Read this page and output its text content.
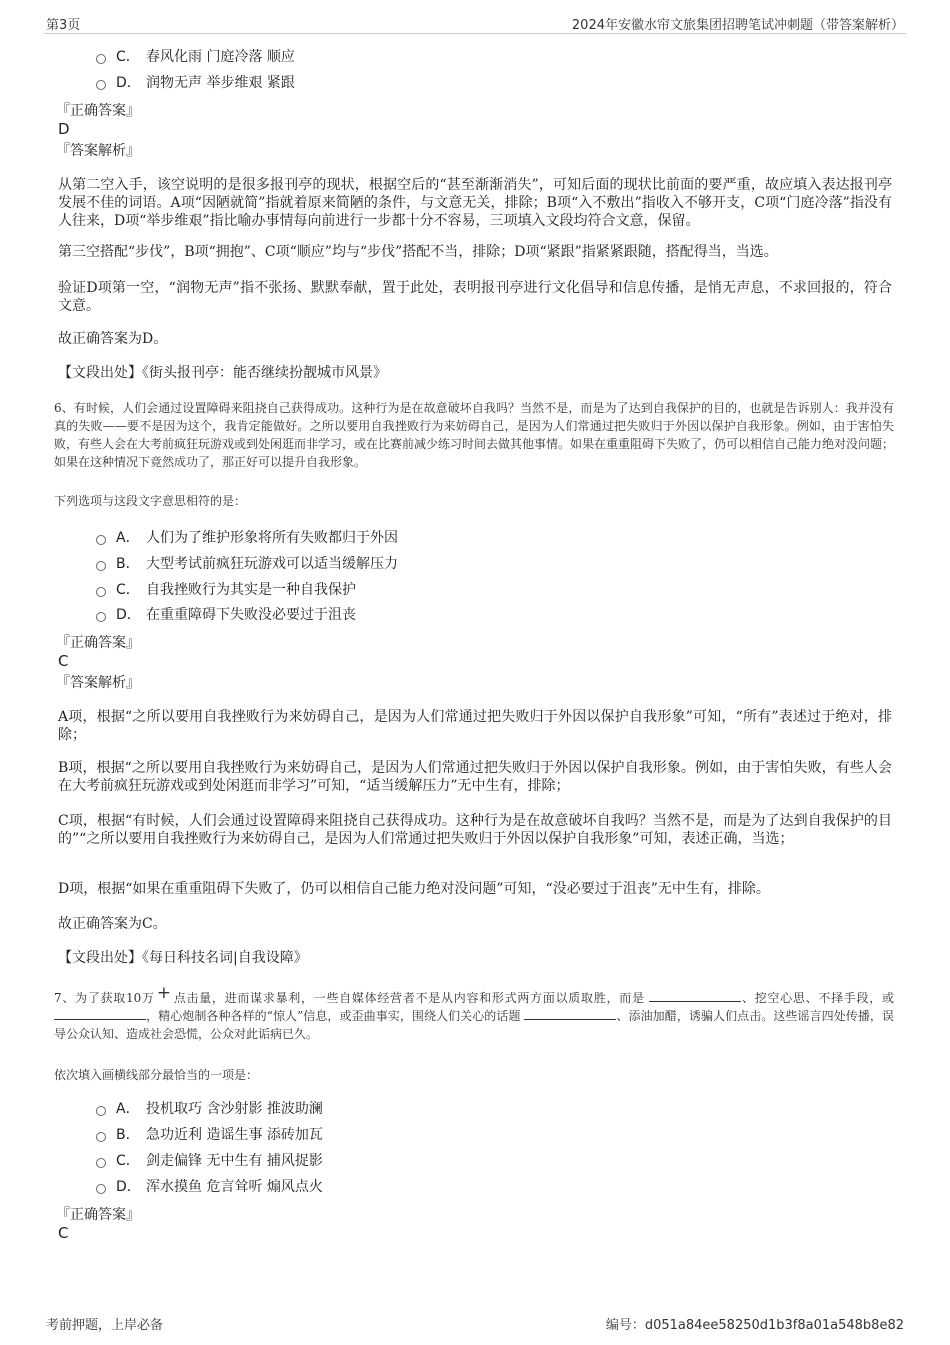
第3页	2024年安徽水帘文旅集团招聘笔试冲刺题（带答案解析）
C． 春风化雨 门庭冷落 顺应
D． 润物无声 举步维艰 紧跟
『正确答案』
D
『答案解析』
从第二空入手，该空说明的是很多报刊亭的现状，根据空后的“甚至渐渐消失”，可知后面的现状比前面的要严重，故应填入表达报刊亭发展不佳的词语。A项“因陋就简”指就着原来简陋的条件，与文意无关，排除；B项“入不敷出”指收入不够开支，C项“门庭冷落”指没有人往来，D项“举步维艰”指比喻办事情每向前进行一步都十分不容易，三项填入文段均符合文意，保留。
第三空搭配“步伐”，B项“拥抱”、C项“顺应”均与“步伐”搭配不当，排除；D项“紧跟”指紧紧跟随，搭配得当，当选。
验证D项第一空，“润物无声”指不张扬、默默奉献，置于此处，表明报刊亭进行文化倡导和信息传播，是悄无声息，不求回报的，符合文意。
故正确答案为D。
【文段出处】《街头报刊亭：能否继续扮靓城市风景》
6、有时候，人们会通过设置障碍来阻挠自己获得成功。这种行为是在故意破坏自我吗？当然不是，而是为了达到自我保护的目的，也就是告诉别人：我并没有真的失败——要不是因为这个，我肯定能做好。之所以要用自我挫败行为来妨碍自己，是因为人们常通过把失败归于外因以保护自我形象。例如，由于害怕失败，有些人会在大考前疯狂玩游戏或到处闲逛而非学习，或在比赛前减少练习时间去做其他事情。如果在重重阻碍下失败了，仍可以相信自己能力绝对没问题；如果在这种情况下竟然成功了，那正好可以提升自我形象。
下列选项与这段文字意思相符的是：
A． 人们为了维护形象将所有失败都归于外因
B． 大型考试前疯狂玩游戏可以适当缓解压力
C． 自我挫败行为其实是一种自我保护
D． 在重重障碍下失败没必要过于沮丧
『正确答案』
C
『答案解析』
A项，根据“之所以要用自我挫败行为来妨碍自己，是因为人们常通过把失败归于外因以保护自我形象”可知，“所有”表述过于绝对，排除；
B项，根据“之所以要用自我挫败行为来妨碍自己，是因为人们常通过把失败归于外因以保护自我形象。例如，由于害怕失败，有些人会在大考前疯狂玩游戏或到处闲逛而非学习”可知，“适当缓解压力”无中生有，排除；
C项，根据“有时候，人们会通过设置障碍来阻挠自己获得成功。这种行为是在故意破坏自我吗？当然不是，而是为了达到自我保护的目的”“之所以要用自我挫败行为来妨碍自己，是因为人们常通过把失败归于外因以保护自我形象”可知，表述正确，当选；
D项，根据“如果在重重阻碍下失败了，仍可以相信自己能力绝对没问题”可知，“没必要过于沮丧”无中生有，排除。
故正确答案为C。
【文段出处】《每日科技名词|自我设障》
7、为了获取10万 + 点击量，进而谋求暴利，一些自媒体经营者不是从内容和形式两方面以质取胜，而是	、挖空心思、不择手段，或 ，精心炮制各种各样的“惊人”信息，或歪曲事实，围绕人们关心的话题	、添油加醋，诱骗人们点击。这些谣言四处传播，误导公众认知、造成社会恐慌，公众对此诟病已久。
依次填入画横线部分最恰当的一项是：
A． 投机取巧 含沙射影 推波助澜
B． 急功近利 造谣生事 添砖加瓦
C． 剑走偏锋 无中生有 捕风捉影
D． 浑水摸鱼 危言耸听 煽风点火
『正确答案』
C
考前押题，上岸必备	编号：d051a84ee58250d1b3f8a01a548b8e82
